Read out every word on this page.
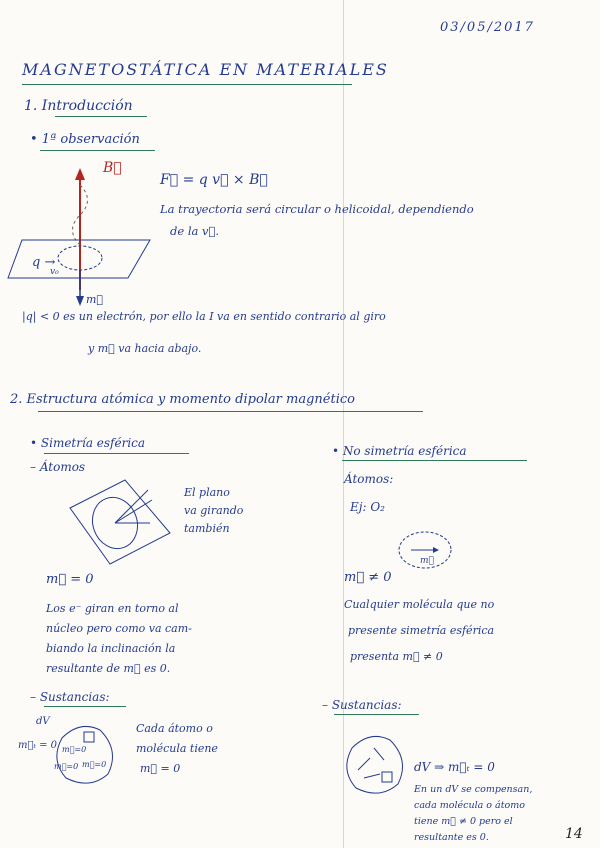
03/05/2017
MAGNETOSTÁTICA EN MATERIALES
1. Introducción
• 1ª observación
B⃗
q →
v₀
m⃗
F⃗ = q v⃗ × B⃗
La trayectoria será circular o helicoidal, dependiendo
de la v⃗.
|q| < 0 es un electrón, por ello la I va en sentido contrario al giro
y m⃗ va hacia abajo.
2. Estructura atómica y momento dipolar magnético
• Simetría esférica
– Átomos
El plano
va girando
también
m⃗ = 0
Los e⁻ giran en torno al
núcleo pero como va cam-
biando la inclinación la
resultante de m⃗ es 0.
– Sustancias:
dV
m⃗ₜ = 0 m⃗=0
m⃗=0 m⃗=0
Cada átomo o
molécula tiene
m⃗ = 0
• No simetría esférica
Átomos:
Ej: O₂
m⃗
m⃗ ≠ 0
Cualquier molécula que no
presente simetría esférica
presenta m⃗ ≠ 0
– Sustancias:
dV ⇒ m⃗ₜ = 0
En un dV se compensan,
cada molécula o átomo
tiene m⃗ ≠ 0 pero el
resultante es 0.	14
